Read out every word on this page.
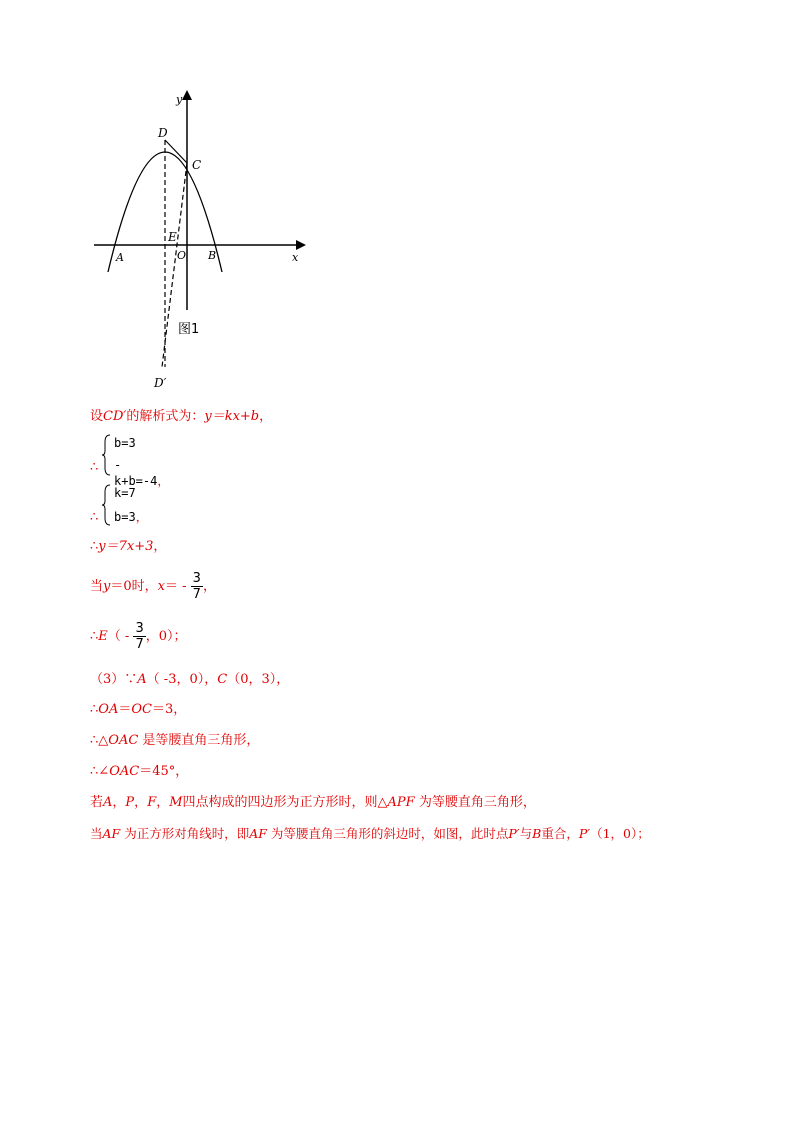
D
C
E
O
A	B	x
y
图1
D′
设CD′的解析式为：y＝kx+b，
∴
b=3
-k+b=-4，
∴
k=7
b=3，
∴y＝7x+3，
当y＝0时，$x= - \frac{3}{7}$ ，
∴E（ - $\frac{3}{7}$ ，0）；
（3）∵A（ -3，0），C（0，3），
∴OA＝OC＝3，
∴△OAC 是等腰直角三角形，
∴∠OAC＝45°，
若A，P，F，M四点构成的四边形为正方形时，则△APF 为等腰直角三角形，
当AF 为正方形对角线时，即AF 为等腰直角三角形的斜边时，如图，此时点P′与B重合，P′（1，0）；
